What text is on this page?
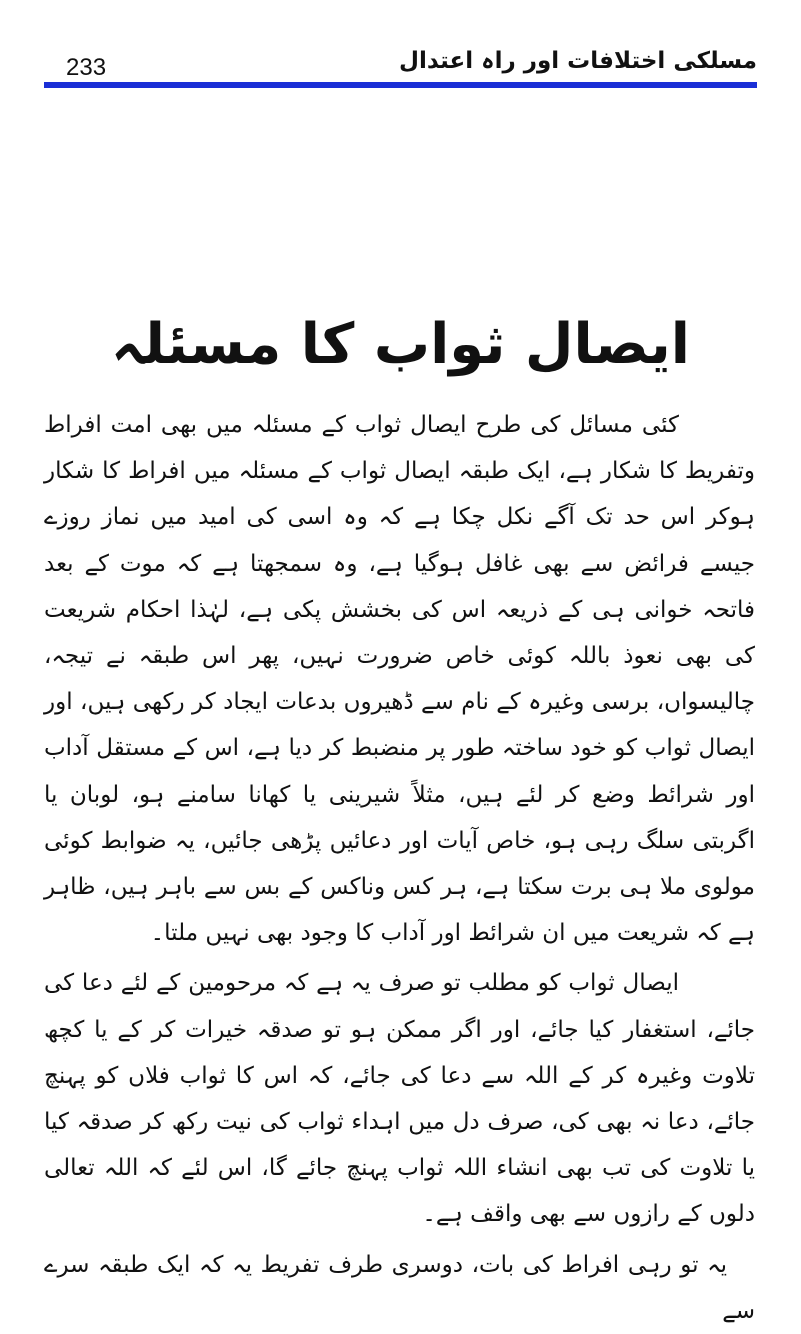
233	مسلکی اختلافات اور راہ اعتدال
ایصال ثواب کا مسئلہ

کئی مسائل کی طرح ایصال ثواب کے مسئلہ میں بھی امت افراط وتفریط کا شکار ہے، ایک طبقہ ایصال ثواب کے مسئلہ میں افراط کا شکار ہوکر اس حد تک آگے نکل چکا ہے کہ وہ اسی کی امید میں نماز روزے جیسے فرائض سے بھی غافل ہوگیا ہے، وہ سمجھتا ہے کہ موت کے بعد فاتحہ خوانی ہی کے ذریعہ اس کی بخشش پکی ہے، لہٰذا احکام شریعت کی بھی نعوذ باللہ کوئی خاص ضرورت نہیں، پھر اس طبقہ نے تیجہ، چالیسواں، برسی وغیرہ کے نام سے ڈھیروں بدعات ایجاد کر رکھی ہیں، اور ایصال ثواب کو خود ساختہ طور پر منضبط کر دیا ہے، اس کے مستقل آداب اور شرائط وضع کر لئے ہیں، مثلاً شیرینی یا کھانا سامنے ہو، لوبان یا اگربتی سلگ رہی ہو، خاص آیات اور دعائیں پڑھی جائیں، یہ ضوابط کوئی مولوی ملا ہی برت سکتا ہے، ہر کس وناکس کے بس سے باہر ہیں، ظاہر ہے کہ شریعت میں ان شرائط اور آداب کا وجود بھی نہیں ملتا۔

ایصال ثواب کو مطلب تو صرف یہ ہے کہ مرحومین کے لئے دعا کی جائے، استغفار کیا جائے، اور اگر ممکن ہو تو صدقہ خیرات کر کے یا کچھ تلاوت وغیرہ کر کے اللہ سے دعا کی جائے، کہ اس کا ثواب فلاں کو پہنچ جائے، دعا نہ بھی کی، صرف دل میں اہداء ثواب کی نیت رکھ کر صدقہ کیا یا تلاوت کی تب بھی انشاء اللہ ثواب پہنچ جائے گا، اس لئے کہ اللہ تعالی دلوں کے رازوں سے بھی واقف ہے۔

یہ تو رہی افراط کی بات، دوسری طرف تفریط یہ کہ ایک طبقہ سرے سے
